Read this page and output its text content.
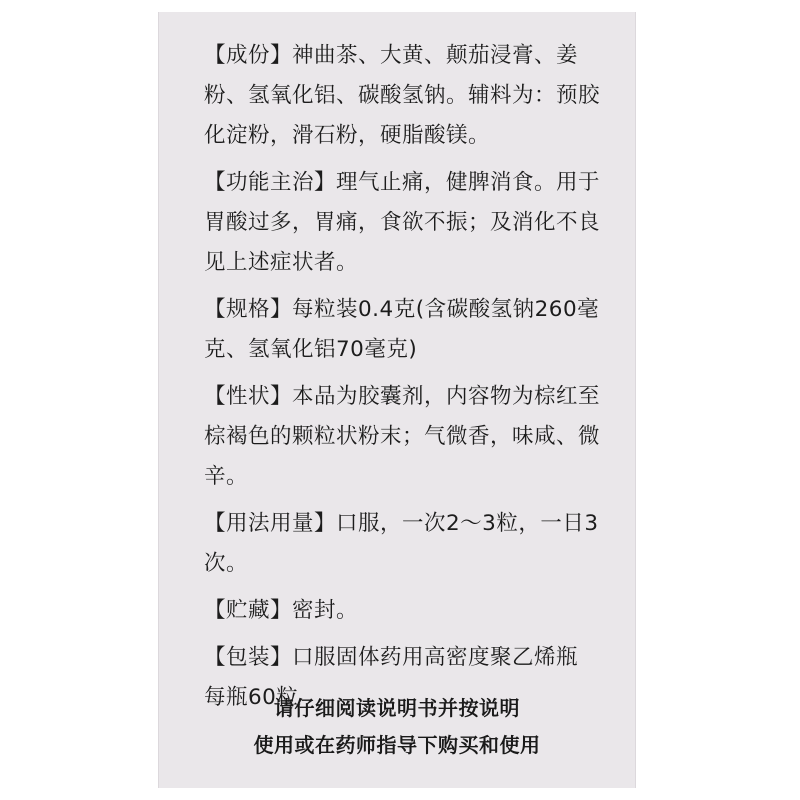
【成份】神曲茶、大黄、颠茄浸膏、姜粉、氢氧化铝、碳酸氢钠。辅料为：预胶化淀粉，滑石粉，硬脂酸镁。
【功能主治】理气止痛，健脾消食。用于胃酸过多，胃痛，食欲不振；及消化不良见上述症状者。
【规格】每粒装0.4克(含碳酸氢钠260毫克、氢氧化铝70毫克)
【性状】本品为胶囊剂，内容物为棕红至棕褐色的颗粒状粉末；气微香，味咸、微辛。
【用法用量】口服，一次2～3粒，一日3次。
【贮藏】密封。
【包装】口服固体药用高密度聚乙烯瓶　每瓶60粒
请仔细阅读说明书并按说明
使用或在药师指导下购买和使用
